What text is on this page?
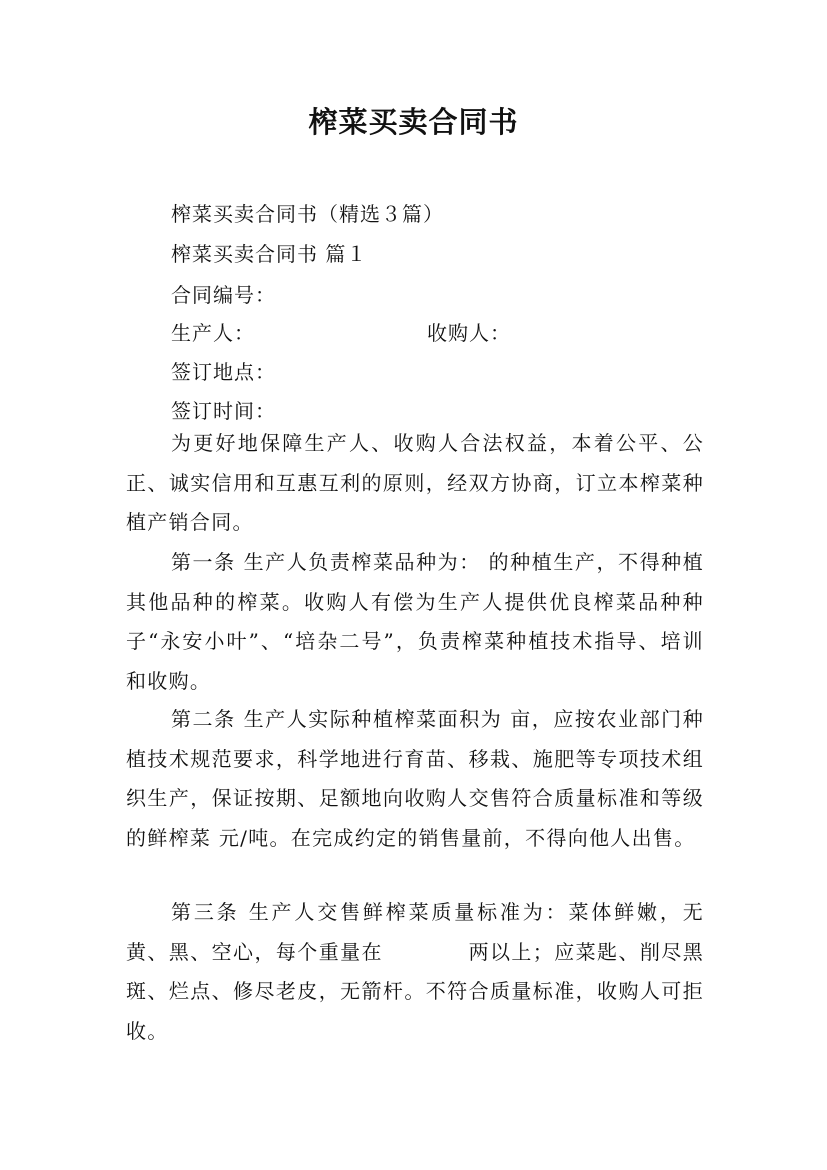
榨菜买卖合同书
榨菜买卖合同书（精选３篇）
榨菜买卖合同书 篇１
合同编号：
生产人：	收购人：
签订地点：
签订时间：

为更好地保障生产人、收购人合法权益，本着公平、公正、诚实信用和互惠互利的原则，经双方协商，订立本榨菜种植产销合同。

第一条 生产人负责榨菜品种为： 的种植生产，不得种植其他品种的榨菜。收购人有偿为生产人提供优良榨菜品种种子“永安小叶”、“培杂二号”，负责榨菜种植技术指导、培训和收购。

第二条 生产人实际种植榨菜面积为 亩，应按农业部门种植技术规范要求，科学地进行育苗、移栽、施肥等专项技术组织生产，保证按期、足额地向收购人交售符合质量标准和等级的鲜榨菜 元/吨。在完成约定的销售量前，不得向他人出售。

第三条 生产人交售鲜榨菜质量标准为：菜体鲜嫩，无黄、黑、空心，每个重量在　　　　两以上；应菜匙、削尽黑斑、烂点、修尽老皮，无箭杆。不符合质量标准，收购人可拒收。
